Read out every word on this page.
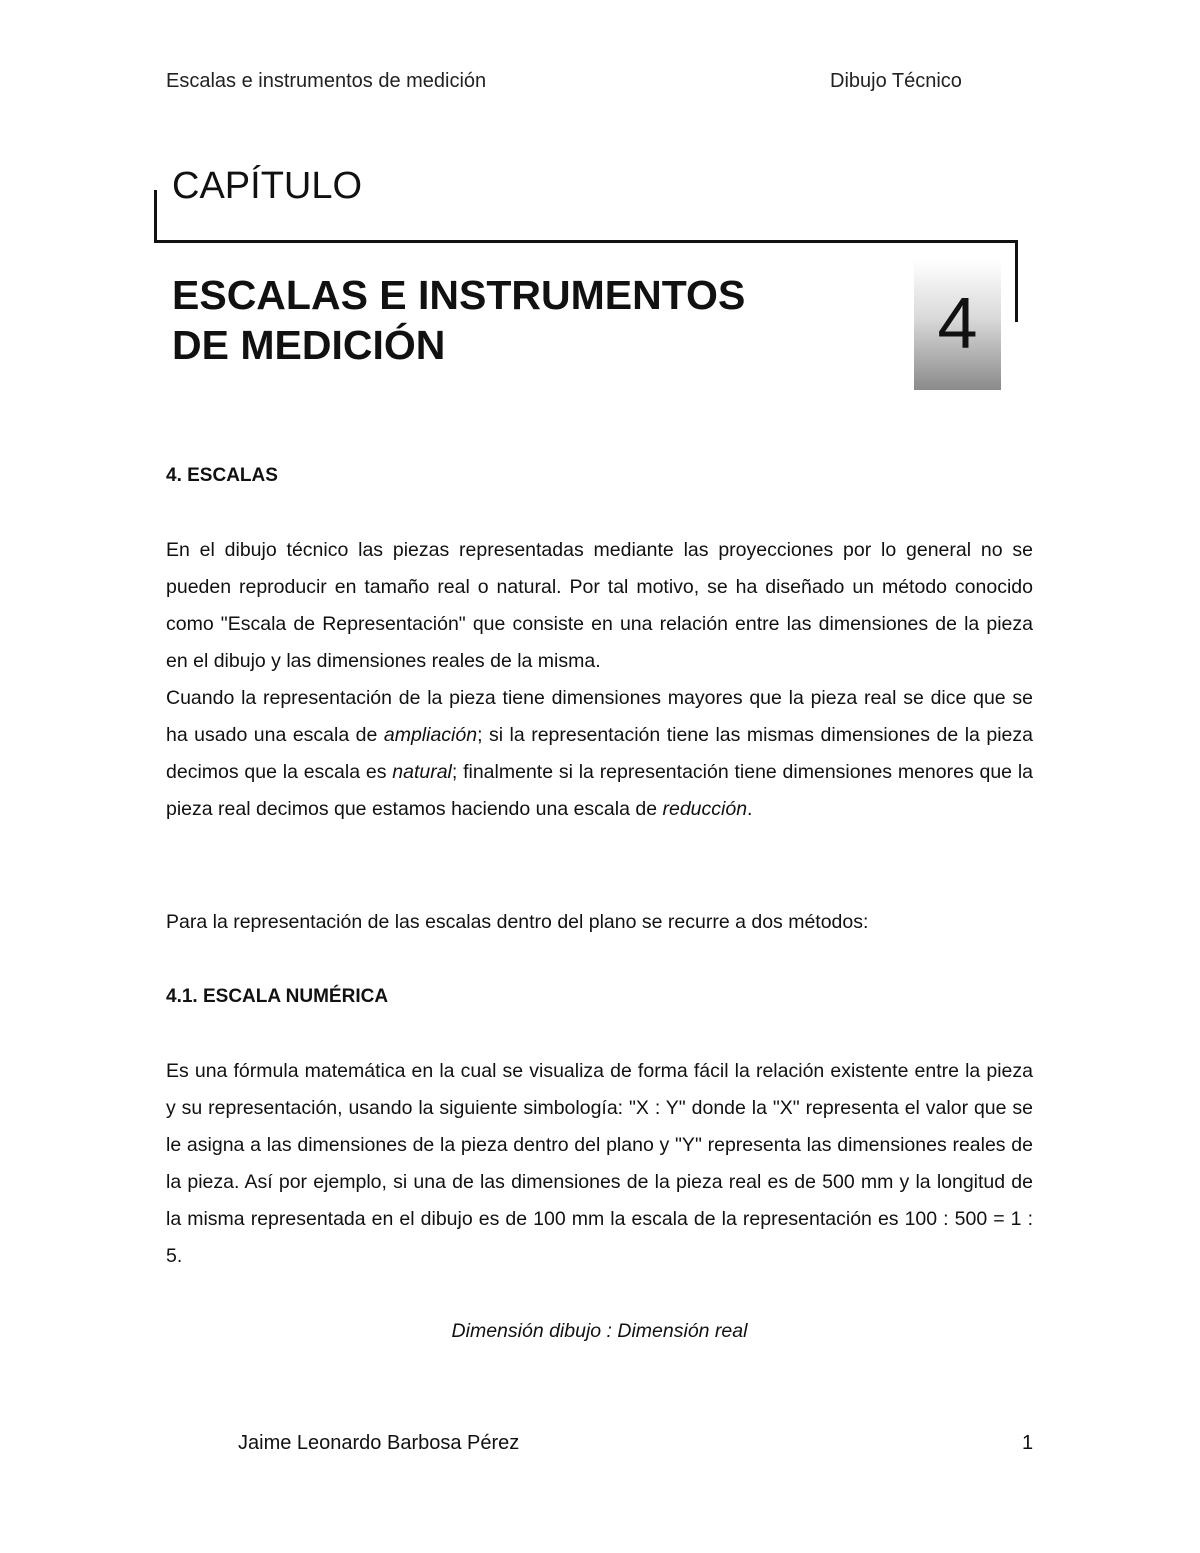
Escalas e instrumentos de medición	Dibujo Técnico
CAPÍTULO
ESCALAS E INSTRUMENTOS
DE MEDICIÓN	4
4. ESCALAS

En el dibujo técnico las piezas representadas mediante las proyecciones por lo general no se pueden reproducir en tamaño real o natural. Por tal motivo, se ha diseñado un método conocido como "Escala de Representación" que consiste en una relación entre las dimensiones de la pieza en el dibujo y las dimensiones reales de la misma.

Cuando la representación de la pieza tiene dimensiones mayores que la pieza real se dice que se ha usado una escala de ampliación; si la representación tiene las mismas dimensiones de la pieza decimos que la escala es natural; finalmente si la representación tiene dimensiones menores que la pieza real decimos que estamos haciendo una escala de reducción.

Para la representación de las escalas dentro del plano se recurre a dos métodos:

4.1. ESCALA NUMÉRICA

Es una fórmula matemática en la cual se visualiza de forma fácil la relación existente entre la pieza y su representación, usando la siguiente simbología: "X : Y" donde la "X" representa el valor que se le asigna a las dimensiones de la pieza dentro del plano y "Y" representa las dimensiones reales de la pieza. Así por ejemplo, si una de las dimensiones de la pieza real es de 500 mm y la longitud de la misma representada en el dibujo es de 100 mm la escala de la representación es 100 : 500 = 1 : 5.

Dimensión dibujo : Dimensión real
Jaime Leonardo Barbosa Pérez	1
